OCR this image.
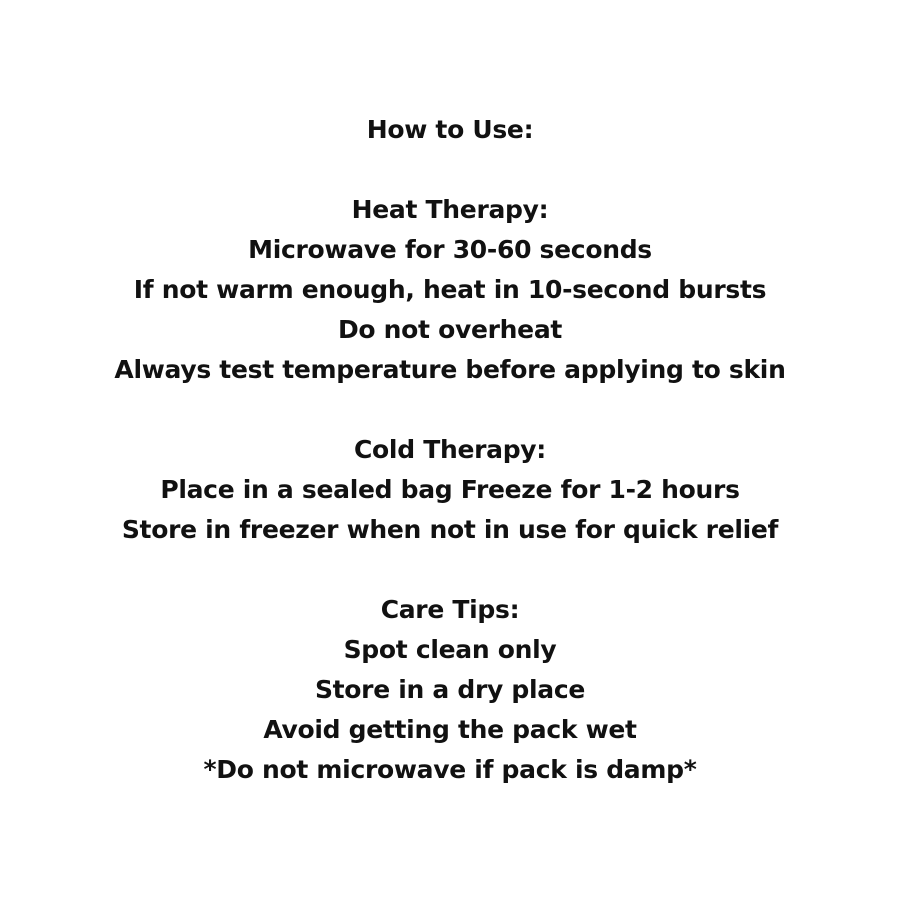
How to Use:
Heat Therapy:
Microwave for 30-60 seconds
If not warm enough, heat in 10-second bursts
Do not overheat
Always test temperature before applying to skin
Cold Therapy:
Place in a sealed bag Freeze for 1-2 hours
Store in freezer when not in use for quick relief
Care Tips:
Spot clean only
Store in a dry place
Avoid getting the pack wet
*Do not microwave if pack is damp*
